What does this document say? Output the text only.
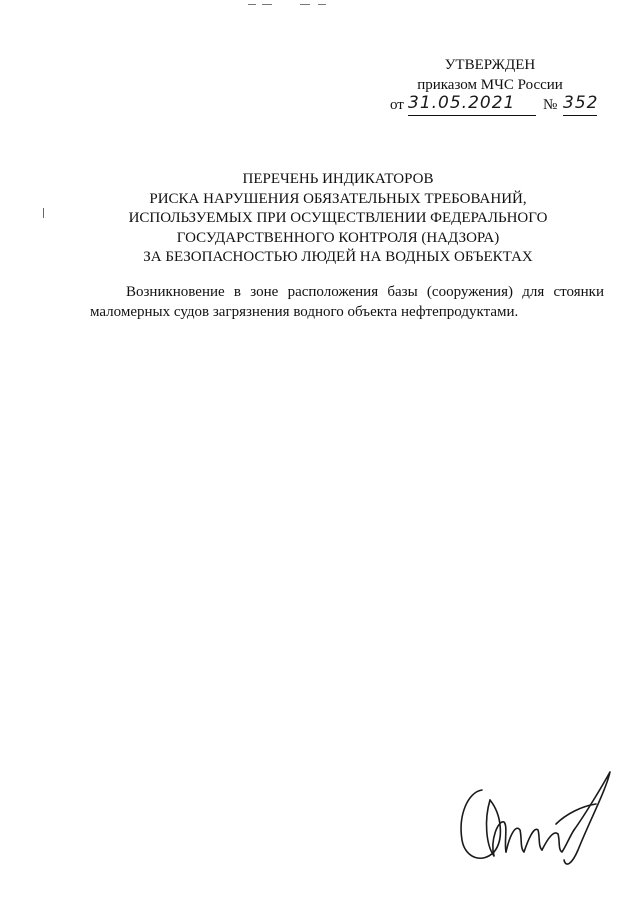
УТВЕРЖДЕН
приказом МЧС России
от 31.05.2021 № 352
ПЕРЕЧЕНЬ ИНДИКАТОРОВ
РИСКА НАРУШЕНИЯ ОБЯЗАТЕЛЬНЫХ ТРЕБОВАНИЙ,
ИСПОЛЬЗУЕМЫХ ПРИ ОСУЩЕСТВЛЕНИИ ФЕДЕРАЛЬНОГО
ГОСУДАРСТВЕННОГО КОНТРОЛЯ (НАДЗОРА)
ЗА БЕЗОПАСНОСТЬЮ ЛЮДЕЙ НА ВОДНЫХ ОБЪЕКТАХ

Возникновение в зоне расположения базы (сооружения) для стоянки маломерных судов загрязнения водного объекта нефтепродуктами.
